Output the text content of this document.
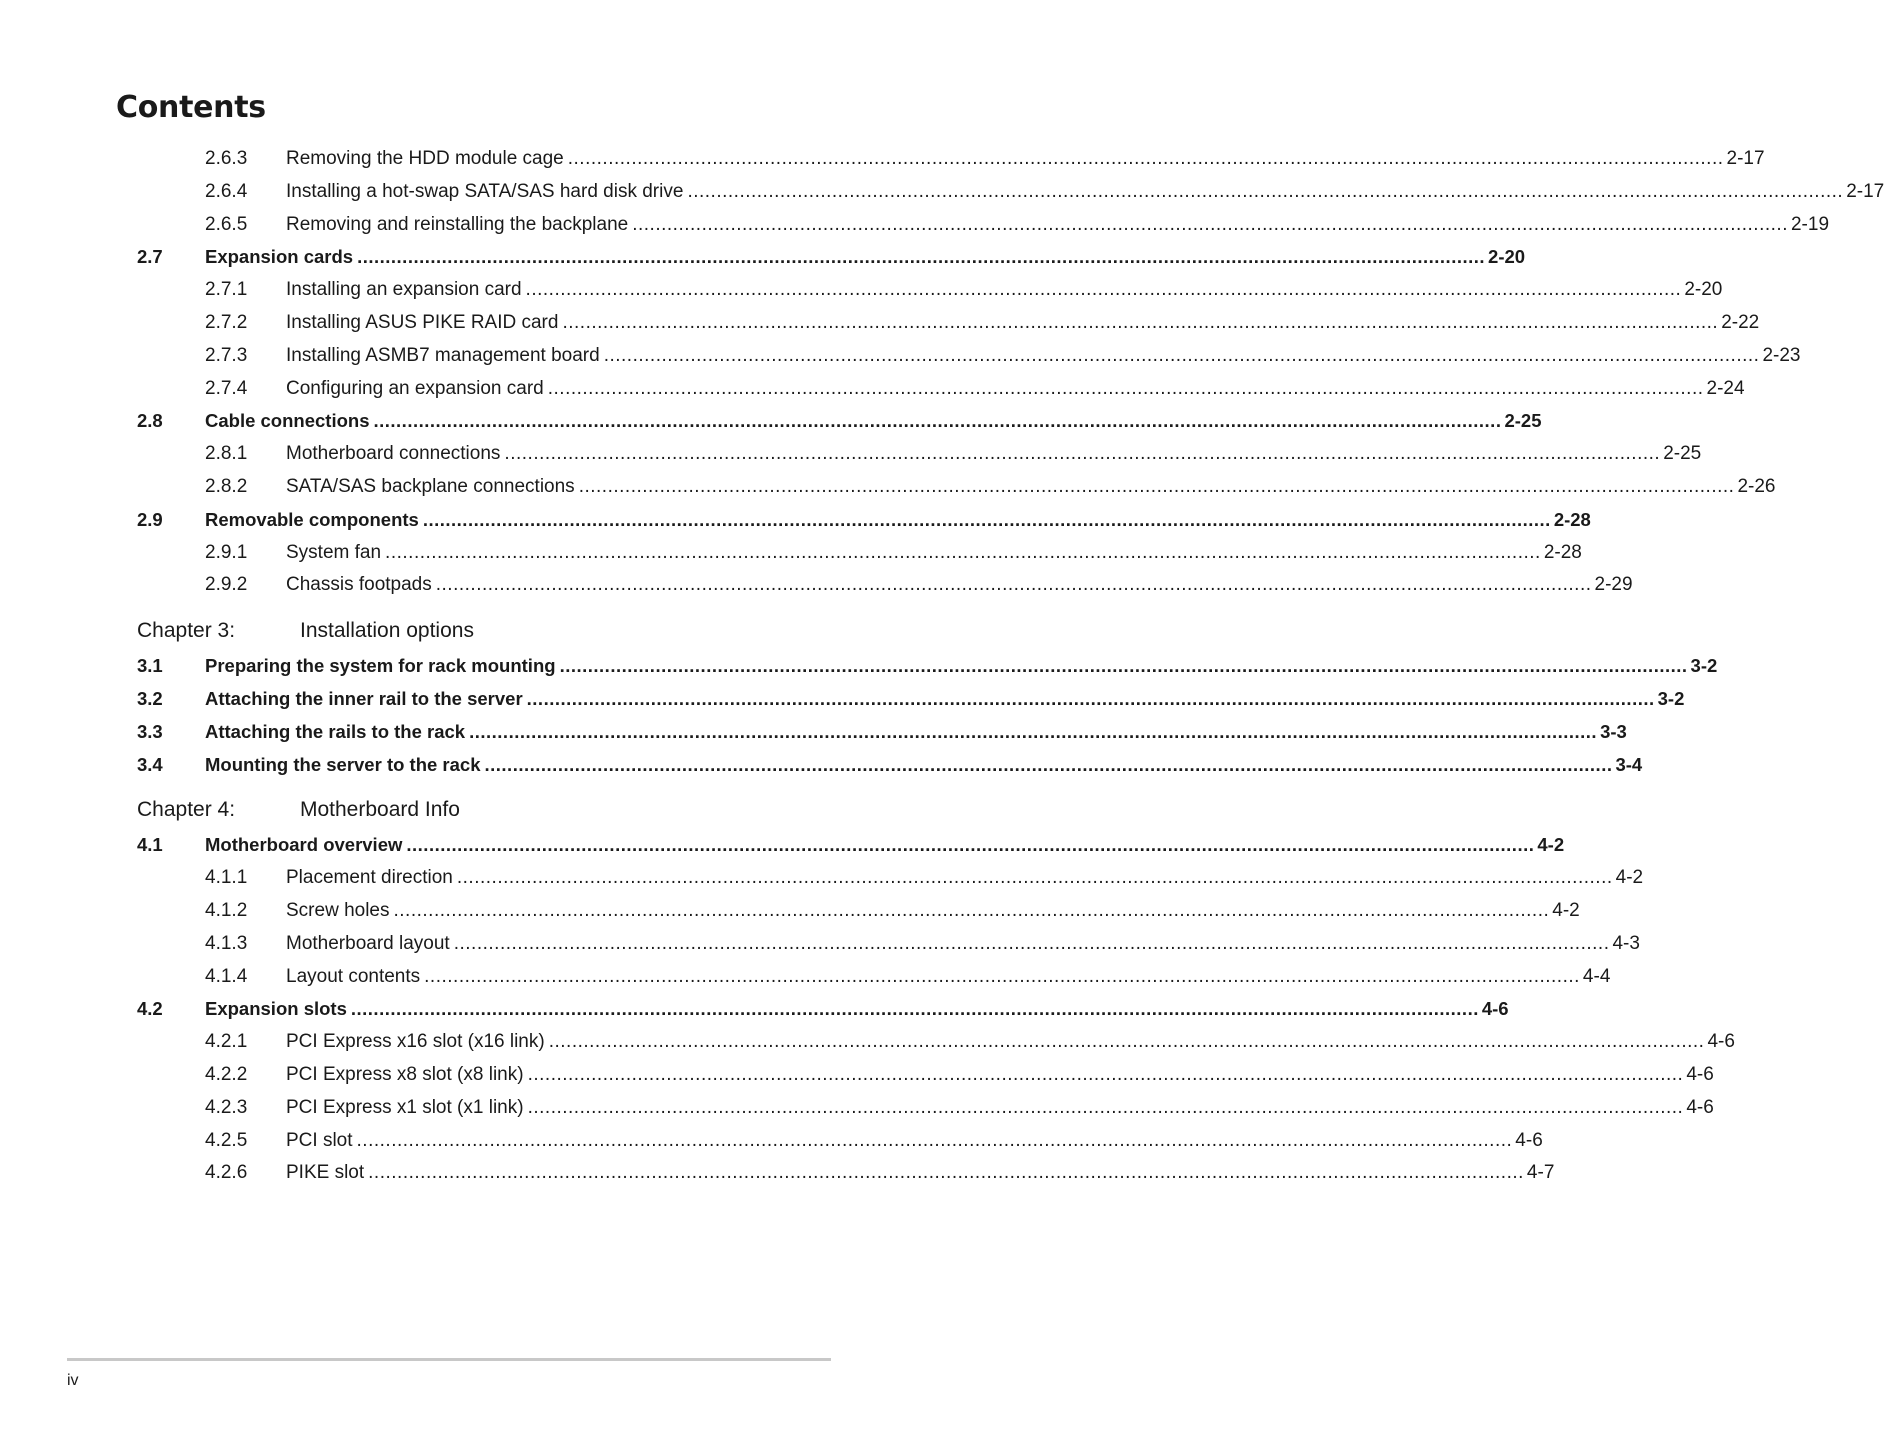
Contents
2.6.3 Removing the HDD module cage ........................................................................................................................................................................................................ 2-17
2.6.4 Installing a hot-swap SATA/SAS hard disk drive ........................................................................................................................................................................................................ 2-17
2.6.5 Removing and reinstalling the backplane ........................................................................................................................................................................................................ 2-19
2.7 Expansion cards ........................................................................................................................................................................................................ 2-20
2.7.1 Installing an expansion card ........................................................................................................................................................................................................ 2-20
2.7.2 Installing ASUS PIKE RAID card ........................................................................................................................................................................................................ 2-22
2.7.3 Installing ASMB7 management board ........................................................................................................................................................................................................ 2-23
2.7.4 Configuring an expansion card ........................................................................................................................................................................................................ 2-24
2.8 Cable connections ........................................................................................................................................................................................................ 2-25
2.8.1 Motherboard connections ........................................................................................................................................................................................................ 2-25
2.8.2 SATA/SAS backplane connections ........................................................................................................................................................................................................ 2-26
2.9 Removable components ........................................................................................................................................................................................................ 2-28
2.9.1 System fan ........................................................................................................................................................................................................ 2-28
2.9.2 Chassis footpads ........................................................................................................................................................................................................ 2-29
Chapter 3:	Installation options
3.1 Preparing the system for rack mounting ........................................................................................................................................................................................................ 3-2
3.2 Attaching the inner rail to the server ........................................................................................................................................................................................................ 3-2
3.3 Attaching the rails to the rack ........................................................................................................................................................................................................ 3-3
3.4 Mounting the server to the rack ........................................................................................................................................................................................................ 3-4
Chapter 4:	Motherboard Info
4.1 Motherboard overview ........................................................................................................................................................................................................ 4-2
4.1.1 Placement direction ........................................................................................................................................................................................................ 4-2
4.1.2 Screw holes ........................................................................................................................................................................................................ 4-2
4.1.3 Motherboard layout ........................................................................................................................................................................................................ 4-3
4.1.4 Layout contents ........................................................................................................................................................................................................ 4-4
4.2 Expansion slots ........................................................................................................................................................................................................ 4-6
4.2.1 PCI Express x16 slot (x16 link) ........................................................................................................................................................................................................ 4-6
4.2.2 PCI Express x8 slot (x8 link) ........................................................................................................................................................................................................ 4-6
4.2.3 PCI Express x1 slot (x1 link) ........................................................................................................................................................................................................ 4-6
4.2.5 PCI slot ........................................................................................................................................................................................................ 4-6
4.2.6 PIKE slot ........................................................................................................................................................................................................ 4-7
iv
